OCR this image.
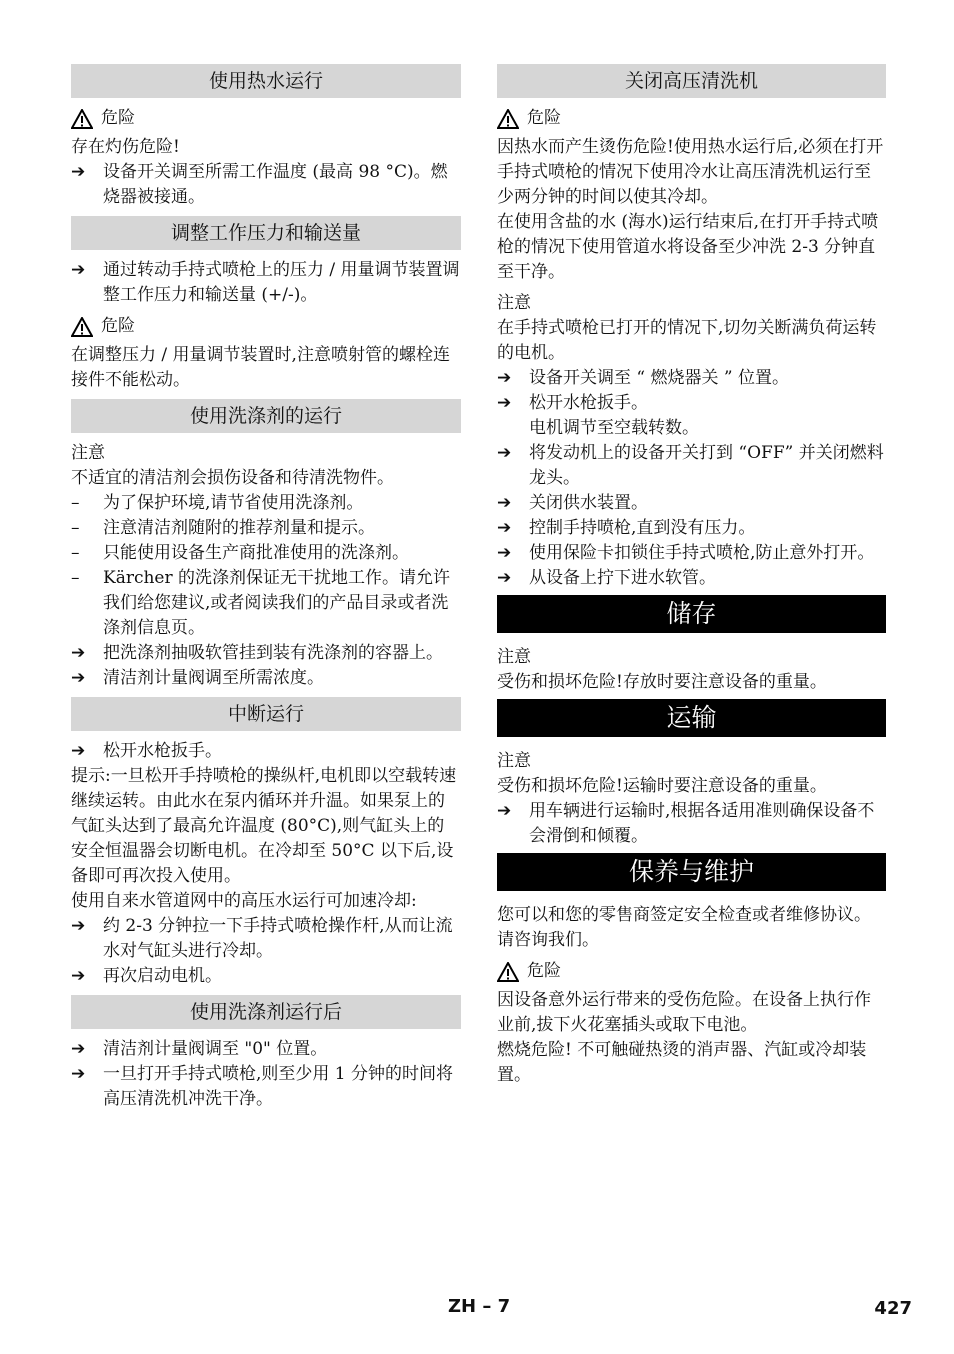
使用热水运行
危险

存在灼伤危险!

➔	设备开关调至所需工作温度 (最高 98 °C)。燃烧器被接通。
调整工作压力和输送量
➔	通过转动手持式喷枪上的压力 / 用量调节装置调整工作压力和输送量 (+/-)。
危险

在调整压力 / 用量调节装置时,注意喷射管的螺栓连接件不能松动。

使用洗涤剂的运行

注意

不适宜的清洁剂会损伤设备和待清洗物件。

–	为了保护环境,请节省使用洗涤剂。
–	注意清洁剂随附的推荐剂量和提示。
–	只能使用设备生产商批准使用的洗涤剂。
–	Kärcher 的洗涤剂保证无干扰地工作。请允许我们给您建议,或者阅读我们的产品目录或者洗涤剂信息页。
➔	把洗涤剂抽吸软管挂到装有洗涤剂的容器上。
➔	清洁剂计量阀调至所需浓度。
中断运行
➔	松开水枪扳手。

提示:一旦松开手持喷枪的操纵杆,电机即以空载转速继续运转。由此水在泵内循环并升温。如果泵上的气缸头达到了最高允许温度 (80°C),则气缸头上的安全恒温器会切断电机。在冷却至 50°C 以下后,设备即可再次投入使用。

使用自来水管道网中的高压水运行可加速冷却:

➔	约 2-3 分钟拉一下手持式喷枪操作杆,从而让流水对气缸头进行冷却。
➔	再次启动电机。
使用洗涤剂运行后
➔	清洁剂计量阀调至 "0" 位置。
➔	一旦打开手持式喷枪,则至少用 1 分钟的时间将高压清洗机冲洗干净。
关闭高压清洗机
危险

因热水而产生烫伤危险!使用热水运行后,必须在打开手持式喷枪的情况下使用冷水让高压清洗机运行至少两分钟的时间以使其冷却。

在使用含盐的水 (海水)运行结束后,在打开手持式喷枪的情况下使用管道水将设备至少冲洗 2-3 分钟直至干净。

注意

在手持式喷枪已打开的情况下,切勿关断满负荷运转的电机。

➔	设备开关调至 “ 燃烧器关 ” 位置。
➔	松开水枪扳手。
电机调节至空载转数。
➔	将发动机上的设备开关打到 “OFF” 并关闭燃料龙头。
➔	关闭供水装置。
➔	控制手持喷枪,直到没有压力。
➔	使用保险卡扣锁住手持式喷枪,防止意外打开。
➔	从设备上拧下进水软管。
储存

注意

受伤和损坏危险!存放时要注意设备的重量。

运输

注意

受伤和损坏危险!运输时要注意设备的重量。

➔	用车辆进行运输时,根据各适用准则确保设备不会滑倒和倾覆。
保养与维护

您可以和您的零售商签定安全检查或者维修协议。请咨询我们。

危险

因设备意外运行带来的受伤危险。在设备上执行作业前,拔下火花塞插头或取下电池。

燃烧危险! 不可触碰热烫的消声器、汽缸或冷却装置。

ZH – 7	427
